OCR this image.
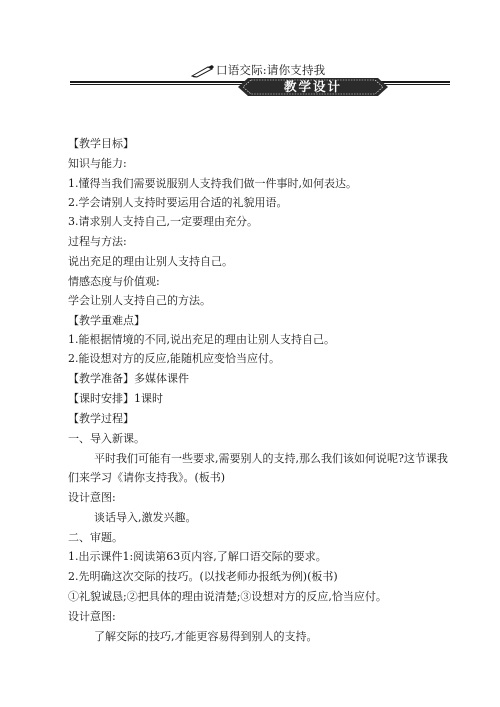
口语交际:请你支持我
教学设计
【教学目标】
知识与能力:
1.懂得当我们需要说服别人支持我们做一件事时,如何表达。
2.学会请别人支持时要运用合适的礼貌用语。
3.请求别人支持自己,一定要理由充分。
过程与方法:
说出充足的理由让别人支持自己。
情感态度与价值观:
学会让别人支持自己的方法。
【教学重难点】
1.能根据情境的不同,说出充足的理由让别人支持自己。
2.能设想对方的反应,能随机应变恰当应付。
【教学准备】多媒体课件
【课时安排】1课时
【教学过程】
一、导入新课。
平时我们可能有一些要求,需要别人的支持,那么我们该如何说呢?这节课我
们来学习《请你支持我》。(板书)
设计意图:
谈话导入,激发兴趣。
二、审题。
1.出示课件1:阅读第63页内容,了解口语交际的要求。
2.先明确这次交际的技巧。(以找老师办报纸为例)(板书)
①礼貌诚恳;②把具体的理由说清楚;③设想对方的反应,恰当应付。
设计意图:
了解交际的技巧,才能更容易得到别人的支持。
